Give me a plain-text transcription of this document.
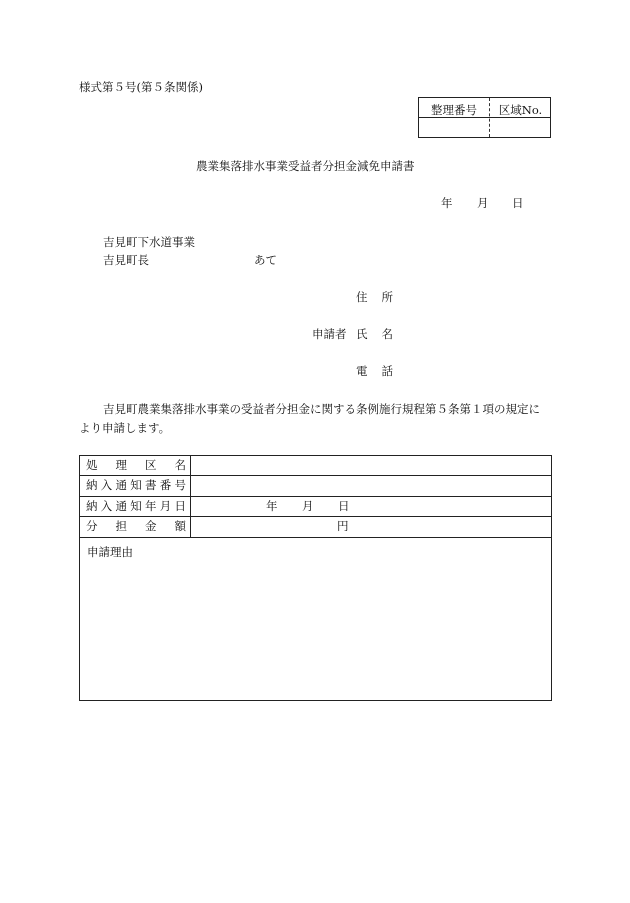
様式第５号(第５条関係)
整理番号	区域No.
農業集落排水事業受益者分担金減免申請書
年 月 日
吉見町下水道事業
吉見町長	あて
住 所
申請者 氏 名
電 話
吉見町農業集落排水事業の受益者分担金に関する条例施行規程第５条第１項の規定に
より申請します。
処 理 区 名
納 入 通 知 書 番 号
納 入 通 知 年 月 日	年 月 日
分 担 金 額	円
申請理由
